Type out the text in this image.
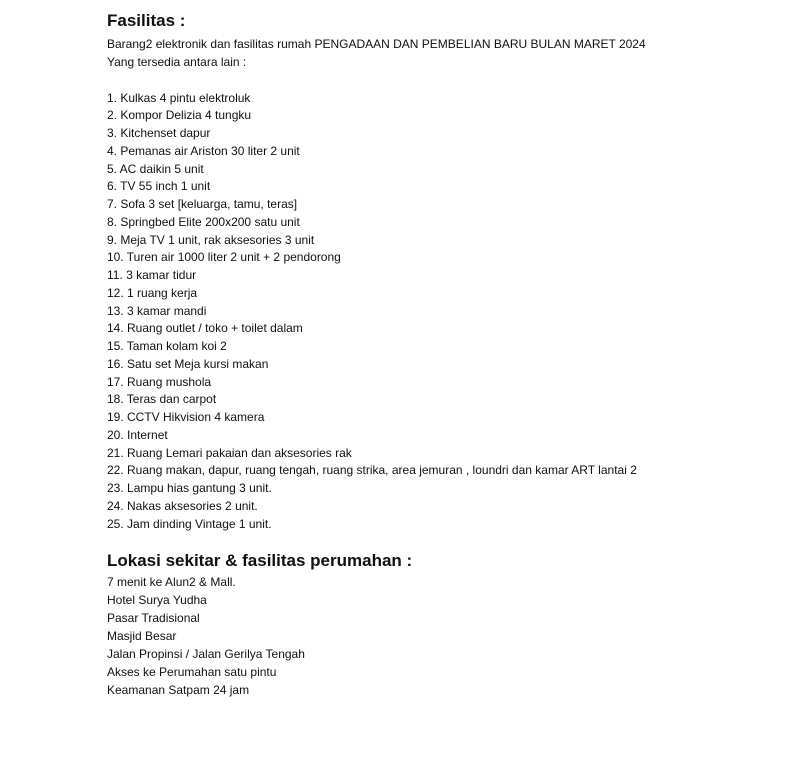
Fasilitas :

Barang2 elektronik dan fasilitas rumah PENGADAAN DAN PEMBELIAN BARU BULAN MARET 2024

Yang tersedia antara lain :

1. Kulkas 4 pintu elektroluk
2. Kompor Delizia 4 tungku
3. Kitchenset dapur
4. Pemanas air Ariston 30 liter 2 unit
5. AC daikin 5 unit
6. TV 55 inch 1 unit
7. Sofa 3 set [keluarga, tamu, teras]
8. Springbed Elite 200x200 satu unit
9. Meja TV 1 unit, rak aksesories 3 unit
10. Turen air 1000 liter 2 unit + 2 pendorong
11. 3 kamar tidur
12. 1 ruang kerja
13. 3 kamar mandi
14. Ruang outlet / toko + toilet dalam
15. Taman kolam koi 2
16. Satu set Meja kursi makan
17. Ruang mushola
18. Teras dan carpot
19. CCTV Hikvision 4 kamera
20. Internet
21. Ruang Lemari pakaian dan aksesories rak
22. Ruang makan, dapur, ruang tengah, ruang strika, area jemuran , loundri dan kamar ART lantai 2
23. Lampu hias gantung 3 unit.
24. Nakas aksesories 2 unit.
25. Jam dinding Vintage 1 unit.
Lokasi sekitar & fasilitas perumahan :
7 menit ke Alun2 & Mall.
Hotel Surya Yudha
Pasar Tradisional
Masjid Besar
Jalan Propinsi / Jalan Gerilya Tengah
Akses ke Perumahan satu pintu
Keamanan Satpam 24 jam
